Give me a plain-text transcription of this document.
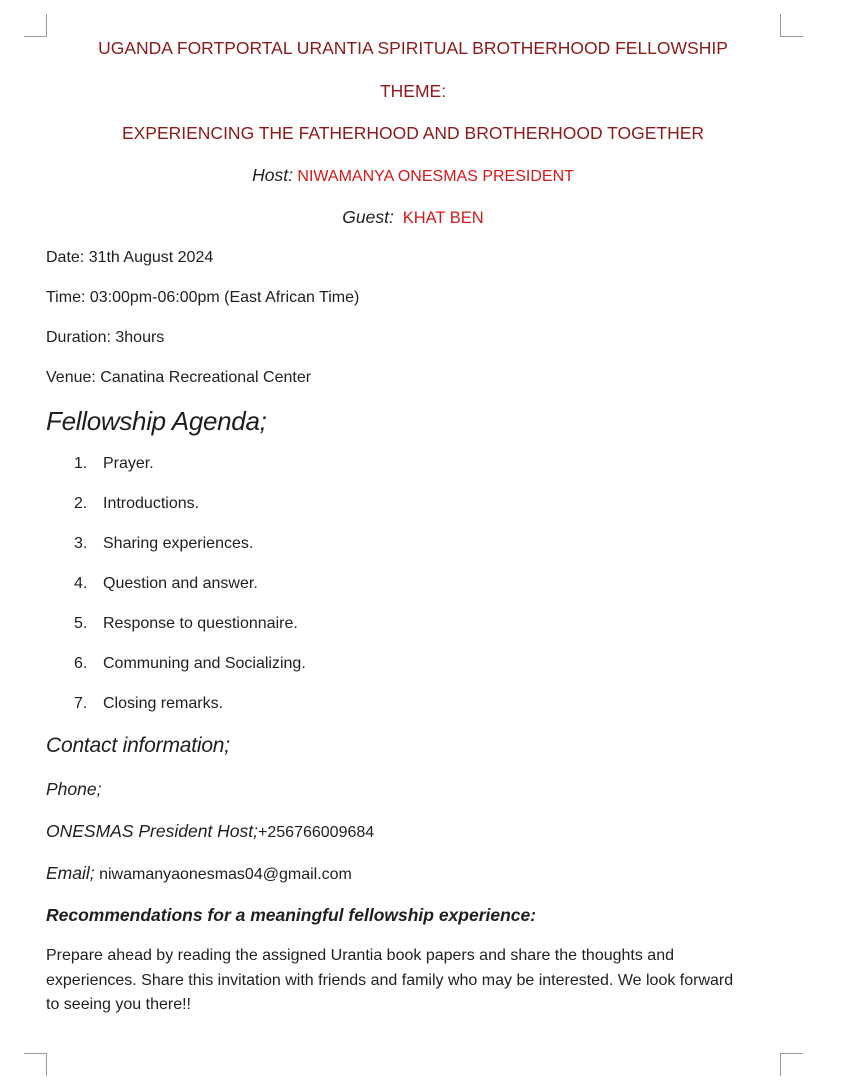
UGANDA FORTPORTAL URANTIA SPIRITUAL BROTHERHOOD FELLOWSHIP
THEME:
EXPERIENCING THE FATHERHOOD AND BROTHERHOOD TOGETHER
Host: NIWAMANYA ONESMAS PRESIDENT
Guest: KHAT BEN
Date: 31th August 2024
Time: 03:00pm-06:00pm (East African Time)
Duration: 3hours
Venue: Canatina Recreational Center
Fellowship Agenda;
1. Prayer.
2. Introductions.
3. Sharing experiences.
4. Question and answer.
5. Response to questionnaire.
6. Communing and Socializing.
7. Closing remarks.
Contact information;
Phone;
ONESMAS President Host;+256766009684
Email; niwamanyaonesmas04@gmail.com
Recommendations for a meaningful fellowship experience:
Prepare ahead by reading the assigned Urantia book papers and share the thoughts and experiences. Share this invitation with friends and family who may be interested. We look forward to seeing you there!!
